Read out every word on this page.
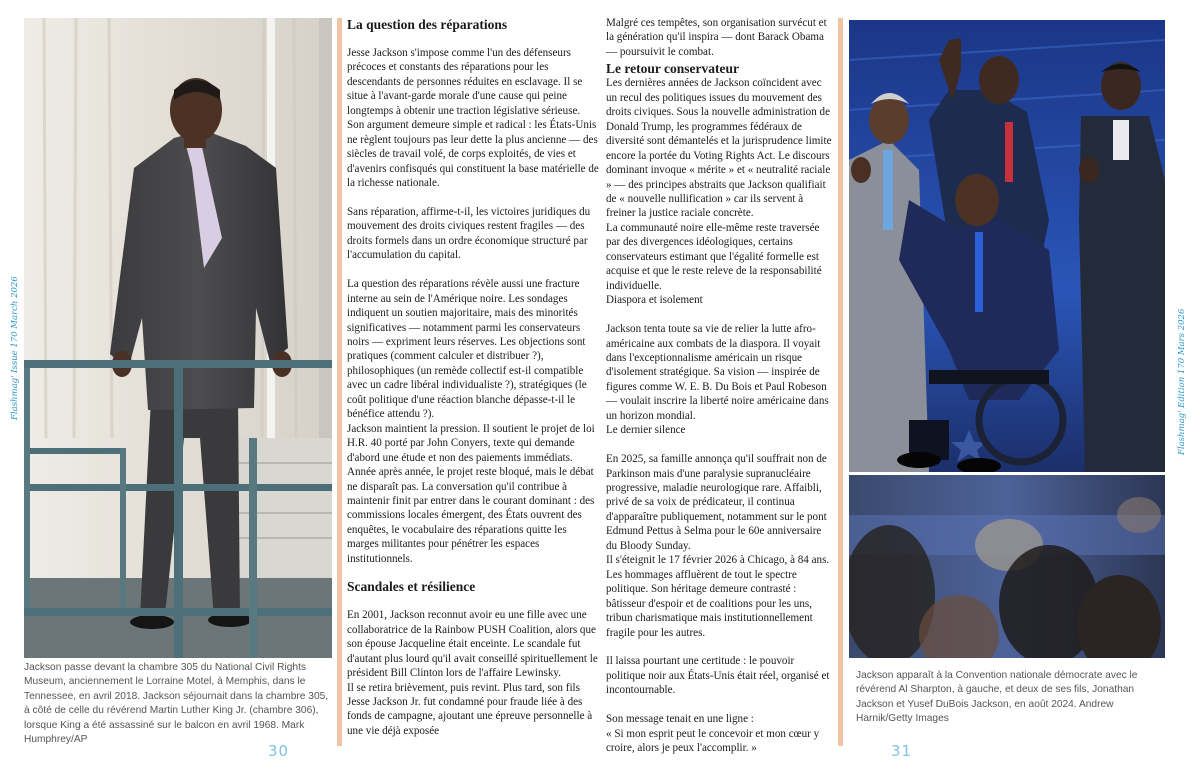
Flashmag' Issue 170 March 2026	Flashmag' Edition 170 Mars 2026
Jackson passe devant la chambre 305 du National Civil Rights Museum, anciennement le Lorraine Motel, à Memphis, dans le Tennessee, en avril 2018. Jackson séjournait dans la chambre 305, à côté de celle du révérend Martin Luther King Jr. (chambre 306), lorsque King a été assassiné sur le balcon en avril 1968. Mark Humphrey/AP
30
La question des réparations

Jesse Jackson s'impose comme l'un des défenseurs précoces et constants des réparations pour les descendants de personnes réduites en esclavage. Il se situe à l'avant-garde morale d'une cause qui peine longtemps à obtenir une traction législative sérieuse. Son argument demeure simple et radical : les États-Unis ne règlent toujours pas leur dette la plus ancienne — des siècles de travail volé, de corps exploités, de vies et d'avenirs confisqués qui constituent la base matérielle de la richesse nationale.

Sans réparation, affirme-t-il, les victoires juridiques du mouvement des droits civiques restent fragiles — des droits formels dans un ordre économique structuré par l'accumulation du capital.

La question des réparations révèle aussi une fracture interne au sein de l'Amérique noire. Les sondages indiquent un soutien majoritaire, mais des minorités significatives — notamment parmi les conservateurs noirs — expriment leurs réserves. Les objections sont pratiques (comment calculer et distribuer ?), philosophiques (un remède collectif est-il compatible avec un cadre libéral individualiste ?), stratégiques (le coût politique d'une réaction blanche dépasse-t-il le bénéfice attendu ?).

Jackson maintient la pression. Il soutient le projet de loi H.R. 40 porté par John Conyers, texte qui demande d'abord une étude et non des paiements immédiats. Année après année, le projet reste bloqué, mais le débat ne disparaît pas. La conversation qu'il contribue à maintenir finit par entrer dans le courant dominant : des commissions locales émergent, des États ouvrent des enquêtes, le vocabulaire des réparations quitte les marges militantes pour pénétrer les espaces institutionnels.

Scandales et résilience

En 2001, Jackson reconnut avoir eu une fille avec une collaboratrice de la Rainbow PUSH Coalition, alors que son épouse Jacqueline était enceinte. Le scandale fut d'autant plus lourd qu'il avait conseillé spirituellement le président Bill Clinton lors de l'affaire Lewinsky.

Il se retira brièvement, puis revint. Plus tard, son fils Jesse Jackson Jr. fut condamné pour fraude liée à des fonds de campagne, ajoutant une épreuve personnelle à une vie déjà exposée

Malgré ces tempêtes, son organisation survécut et la génération qu'il inspira — dont Barack Obama — poursuivit le combat.

Le retour conservateur

Les dernières années de Jackson coïncident avec un recul des politiques issues du mouvement des droits civiques. Sous la nouvelle administration de Donald Trump, les programmes fédéraux de diversité sont démantelés et la jurisprudence limite encore la portée du Voting Rights Act. Le discours dominant invoque « mérite » et « neutralité raciale » — des principes abstraits que Jackson qualifiait de « nouvelle nullification » car ils servent à freiner la justice raciale concrète.

La communauté noire elle-même reste traversée par des divergences idéologiques, certains conservateurs estimant que l'égalité formelle est acquise et que le reste releve de la responsabilité individuelle.

Diaspora et isolement

Jackson tenta toute sa vie de relier la lutte afro-américaine aux combats de la diaspora. Il voyait dans l'exceptionnalisme américain un risque d'isolement stratégique. Sa vision — inspirée de figures comme W. E. B. Du Bois et Paul Robeson — voulait inscrire la liberté noire américaine dans un horizon mondial.

Le dernier silence

En 2025, sa famille annonça qu'il souffrait non de Parkinson mais d'une paralysie supranucléaire progressive, maladie neurologique rare. Affaibli, privé de sa voix de prédicateur, il continua d'apparaître publiquement, notamment sur le pont Edmund Pettus à Selma pour le 60e anniversaire du Bloody Sunday.

Il s'éteignit le 17 février 2026 à Chicago, à 84 ans. Les hommages affluèrent de tout le spectre politique. Son héritage demeure contrasté : bâtisseur d'espoir et de coalitions pour les uns, tribun charismatique mais institutionnellement fragile pour les autres.

Il laissa pourtant une certitude : le pouvoir politique noir aux États-Unis était réel, organisé et incontournable.

Son message tenait en une ligne :

« Si mon esprit peut le concevoir et mon cœur y croire, alors je peux l'accomplir. »

Jackson apparaît à la Convention nationale démocrate avec le révérend Al Sharpton, à gauche, et deux de ses fils, Jonathan Jackson et Yusef DuBois Jackson, en août 2024. Andrew Harnik/Getty Images
31
